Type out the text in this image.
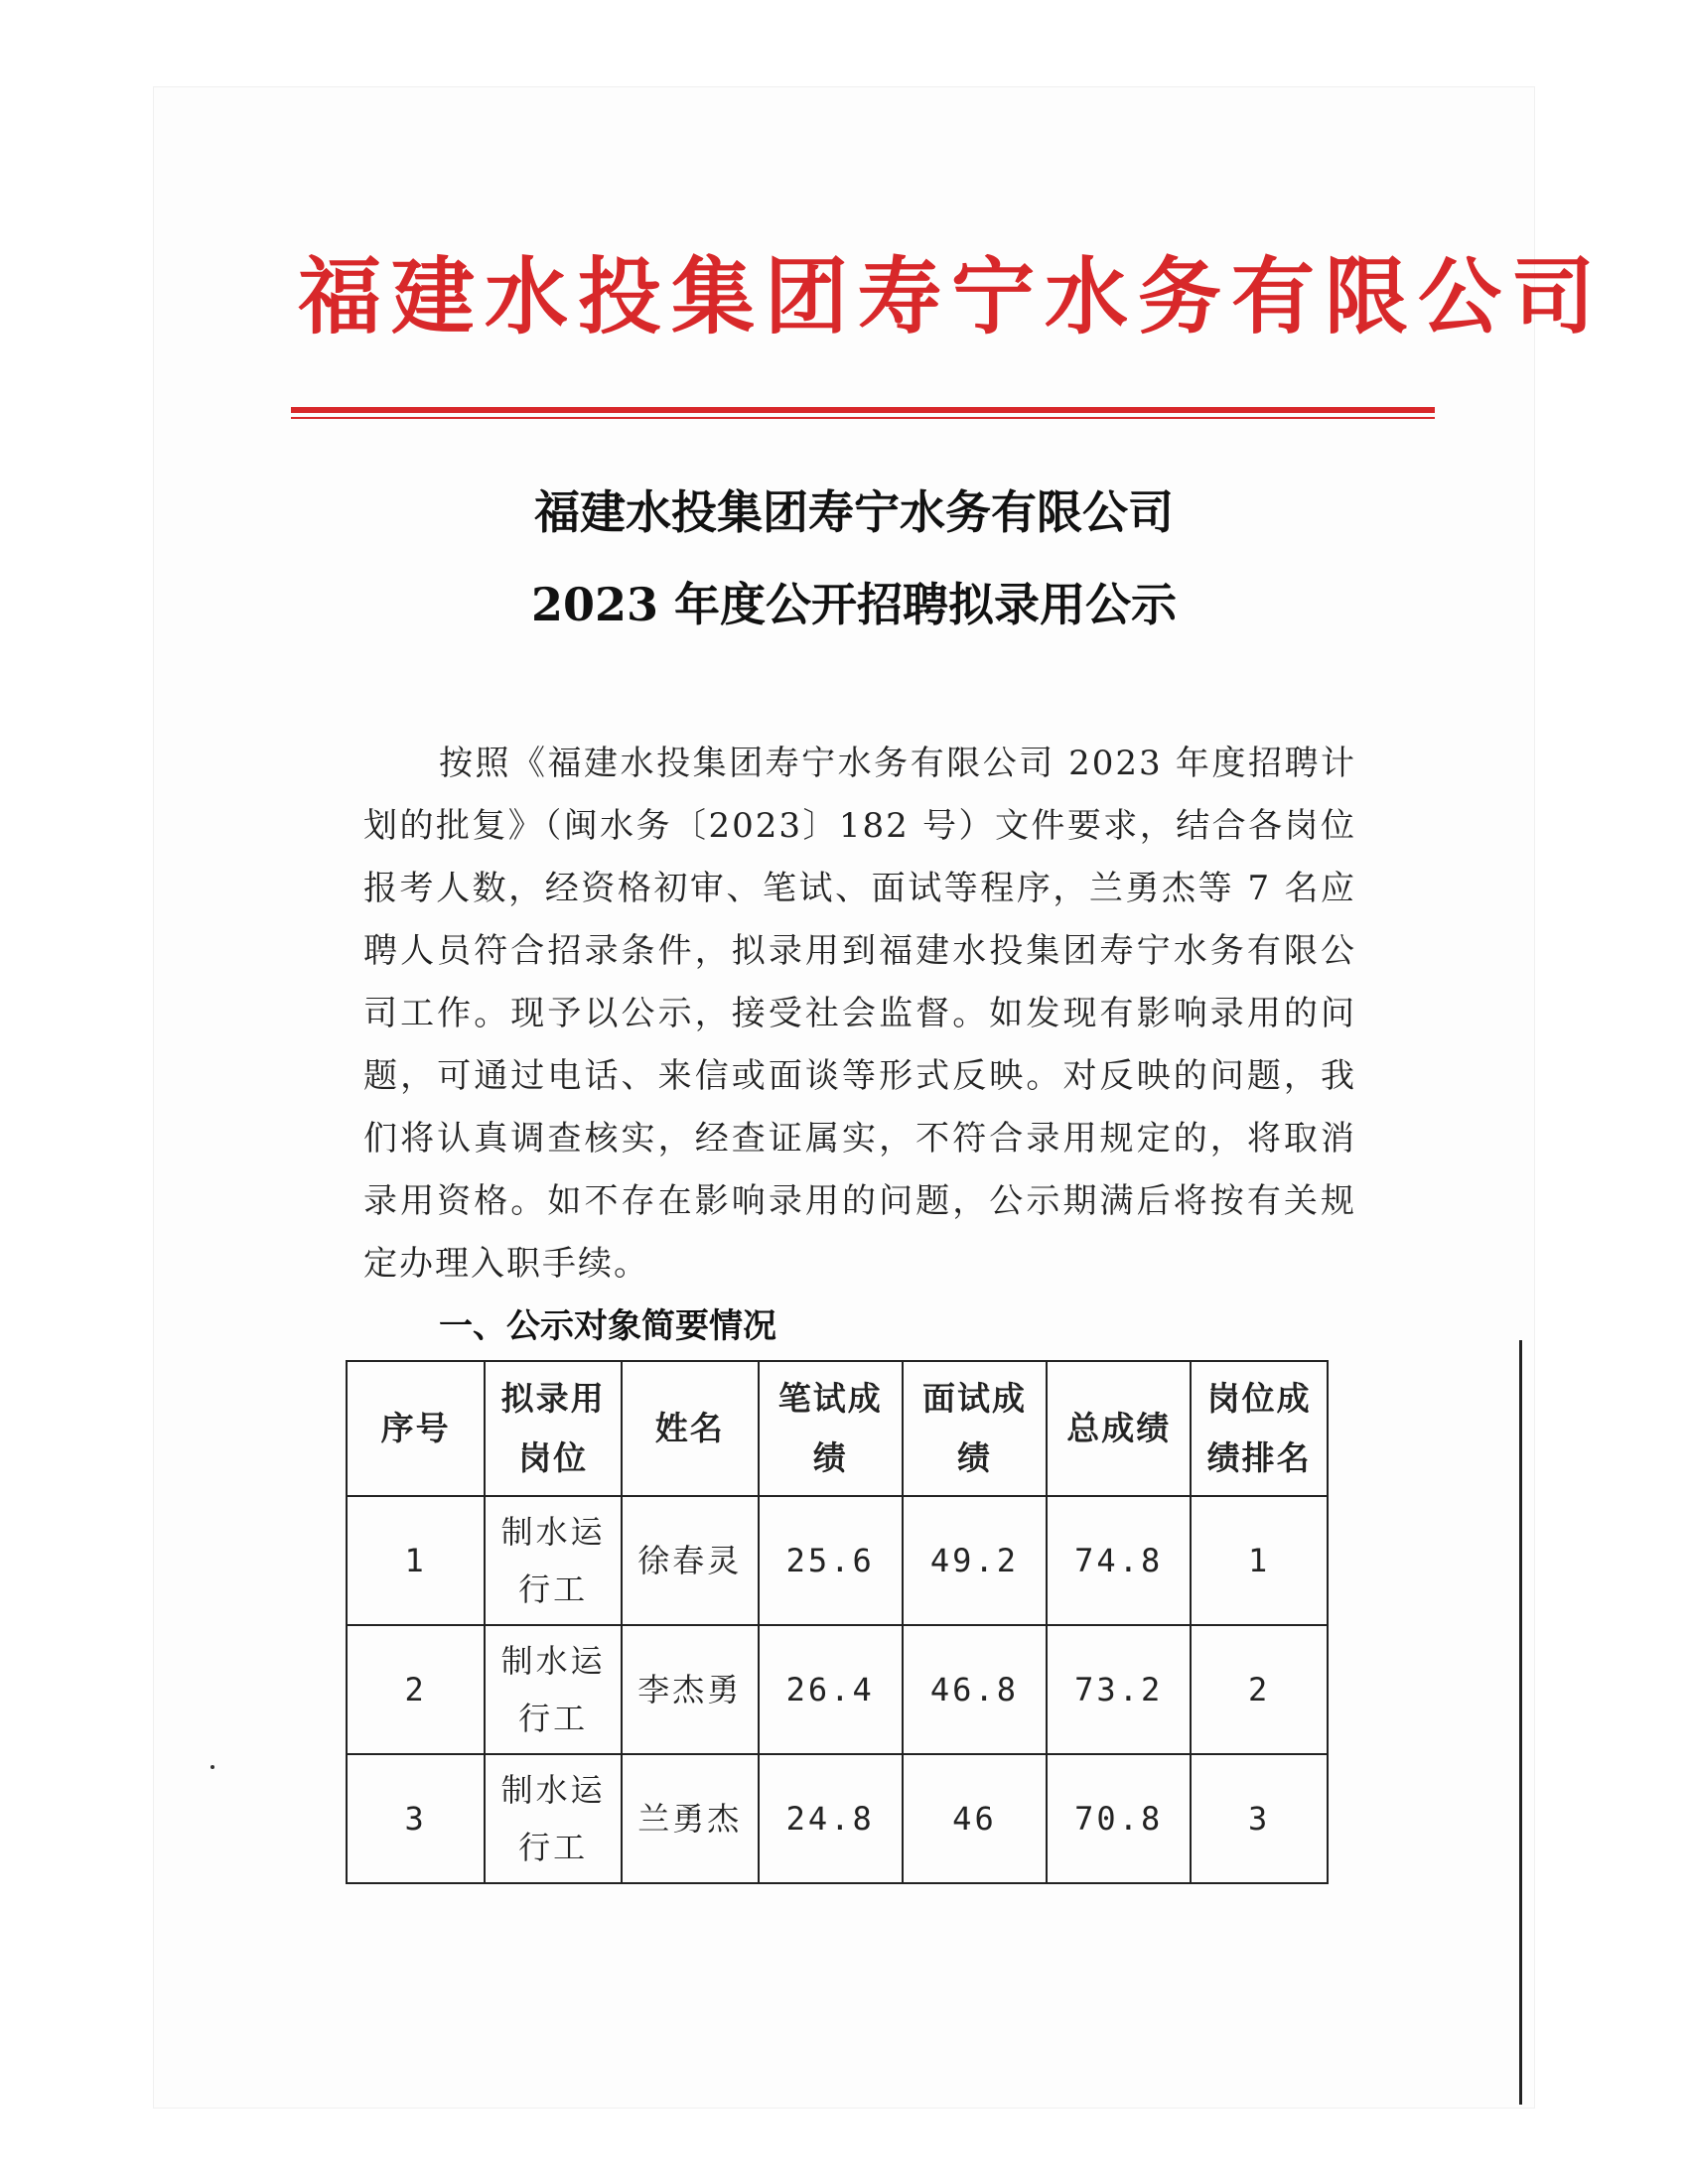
福建水投集团寿宁水务有限公司
福建水投集团寿宁水务有限公司
2023 年度公开招聘拟录用公示
按照《福建水投集团寿宁水务有限公司 2023 年度招聘计划的批复》（闽水务〔2023〕182 号）文件要求，结合各岗位报考人数，经资格初审、笔试、面试等程序，兰勇杰等 7 名应聘人员符合招录条件，拟录用到福建水投集团寿宁水务有限公司工作。现予以公示，接受社会监督。如发现有影响录用的问题，可通过电话、来信或面谈等形式反映。对反映的问题，我们将认真调查核实，经查证属实，不符合录用规定的，将取消录用资格。如不存在影响录用的问题，公示期满后将按有关规定办理入职手续。
一、公示对象简要情况
序号	拟录用岗位	姓名	笔试成绩	面试成绩	总成绩	岗位成绩排名
1	制水运行工	徐春灵	25.6	49.2	74.8	1
2	制水运行工	李杰勇	26.4	46.8	73.2	2
3	制水运行工	兰勇杰	24.8	46	70.8	3
